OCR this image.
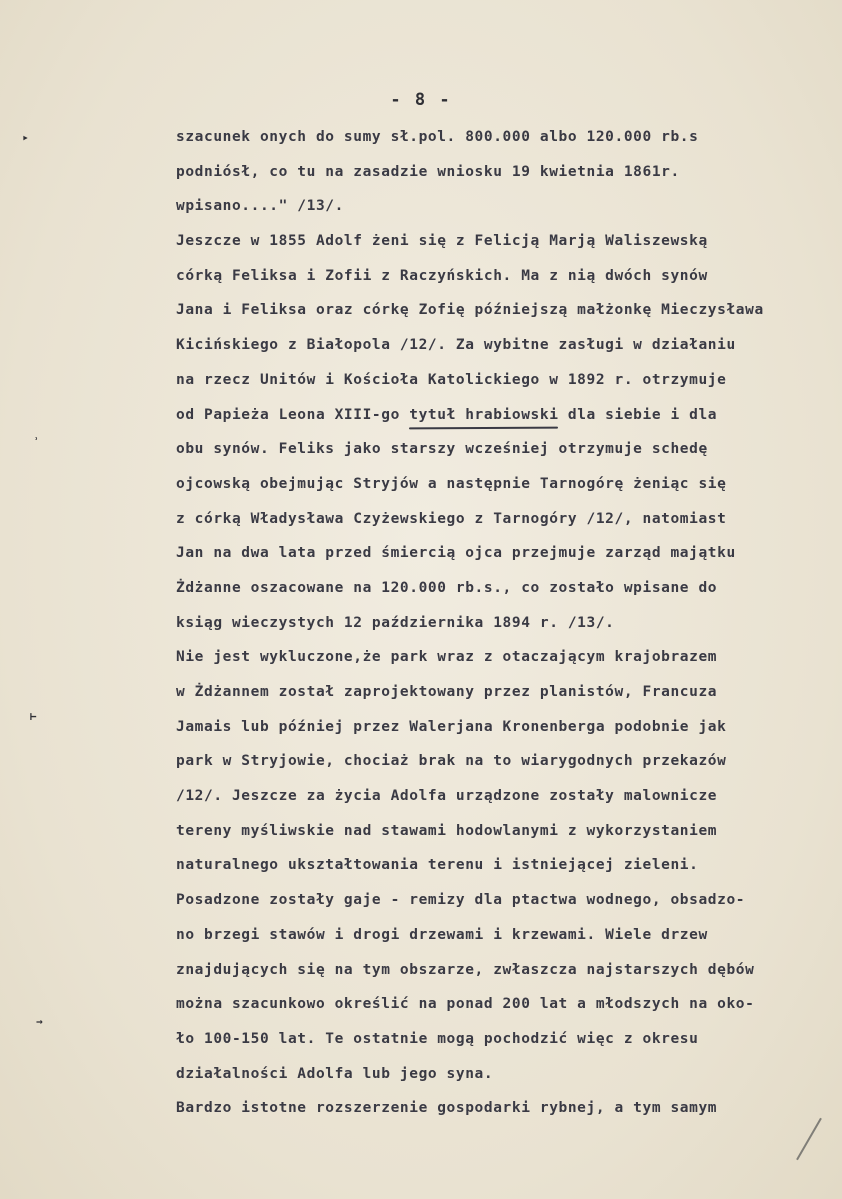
- 8 -
‣
ʾ
⊢
→
szacunek onych do sumy sł.pol. 800.000 albo 120.000 rb.s
podniósł, co tu na zasadzie wniosku 19 kwietnia 1861r.
wpisano...." /13/.
Jeszcze w 1855 Adolf żeni się z Felicją Marją Waliszewską
córką Feliksa i Zofii z Raczyńskich. Ma z nią dwóch synów
Jana i Feliksa oraz córkę Zofię późniejszą małżonkę Mieczysława
Kicińskiego z Białopola /12/. Za wybitne zasługi w działaniu
na rzecz Unitów i Kościoła Katolickiego w 1892 r. otrzymuje
od Papieża Leona XIII-go tytuł hrabiowski dla siebie i dla
obu synów. Feliks jako starszy wcześniej otrzymuje schedę
ojcowską obejmując Stryjów a następnie Tarnogórę żeniąc się
z córką Władysława Czyżewskiego z Tarnogóry /12/, natomiast
Jan na dwa lata przed śmiercią ojca przejmuje zarząd majątku
Żdżanne oszacowane na 120.000 rb.s., co zostało wpisane do
ksiąg wieczystych 12 października 1894 r. /13/.
Nie jest wykluczone,że park wraz z otaczającym krajobrazem
w Żdżannem został zaprojektowany przez planistów, Francuza
Jamais lub później przez Walerjana Kronenberga podobnie jak
park w Stryjowie, chociaż brak na to wiarygodnych przekazów
/12/. Jeszcze za życia Adolfa urządzone zostały malownicze
tereny myśliwskie nad stawami hodowlanymi z wykorzystaniem
naturalnego ukształtowania terenu i istniejącej zieleni.
Posadzone zostały gaje - remizy dla ptactwa wodnego, obsadzo-
no brzegi stawów i drogi drzewami i krzewami. Wiele drzew
znajdujących się na tym obszarze, zwłaszcza najstarszych dębów
można szacunkowo określić na ponad 200 lat a młodszych na oko-
ło 100-150 lat. Te ostatnie mogą pochodzić więc z okresu
działalności Adolfa lub jego syna.
Bardzo istotne rozszerzenie gospodarki rybnej, a tym samym
